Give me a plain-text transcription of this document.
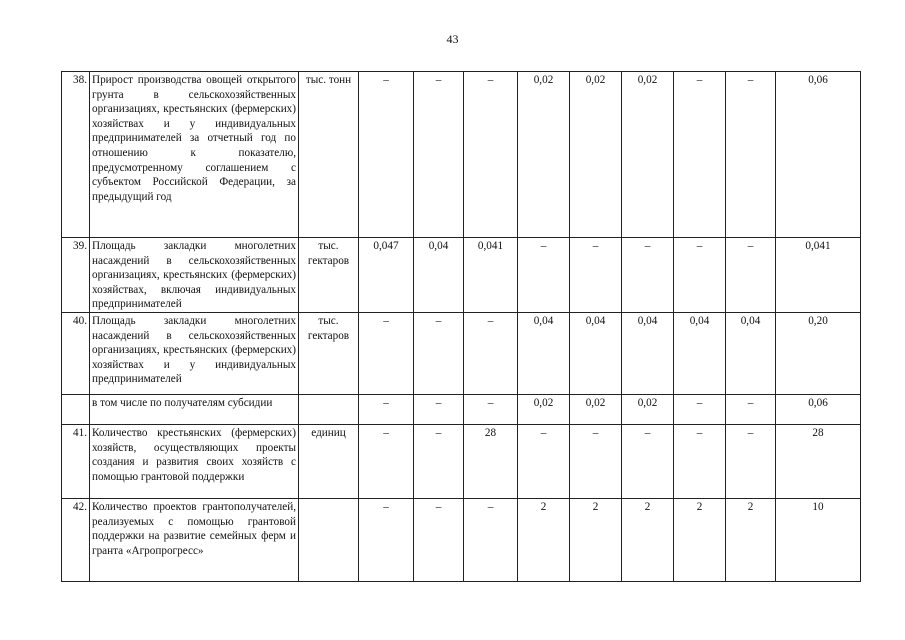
43
38.	Прирост производства овощей открытого грунта в сельскохозяйственных организациях, крестьянских (фермерских) хозяйствах и у индивидуальных предпринимателей за отчетный год по отношению к показателю, предусмотренному соглашением с субъектом Российской Федерации, за предыдущий год	тыс. тонн	–	–	–	0,02	0,02	0,02	–	–	0,06
39.	Площадь закладки многолетних насаждений в сельскохозяйственных организациях, крестьянских (фермерских) хозяйствах, включая индивидуальных предпринимателей	тыс. гектаров	0,047	0,04	0,041	–	–	–	–	–	0,041
40.	Площадь закладки многолетних насаждений в сельскохозяйственных организациях, крестьянских (фермерских) хозяйствах и у индивидуальных предпринимателей	тыс. гектаров	–	–	–	0,04	0,04	0,04	0,04	0,04	0,20
	в том числе по получателям субсидии		–	–	–	0,02	0,02	0,02	–	–	0,06
41.	Количество крестьянских (фермерских) хозяйств, осуществляющих проекты создания и развития своих хозяйств с помощью грантовой поддержки	единиц	–	–	28	–	–	–	–	–	28
42.	Количество проектов грантополучателей, реализуемых с помощью грантовой поддержки на развитие семейных ферм и гранта «Агропрогресс»		–	–	–	2	2	2	2	2	10
